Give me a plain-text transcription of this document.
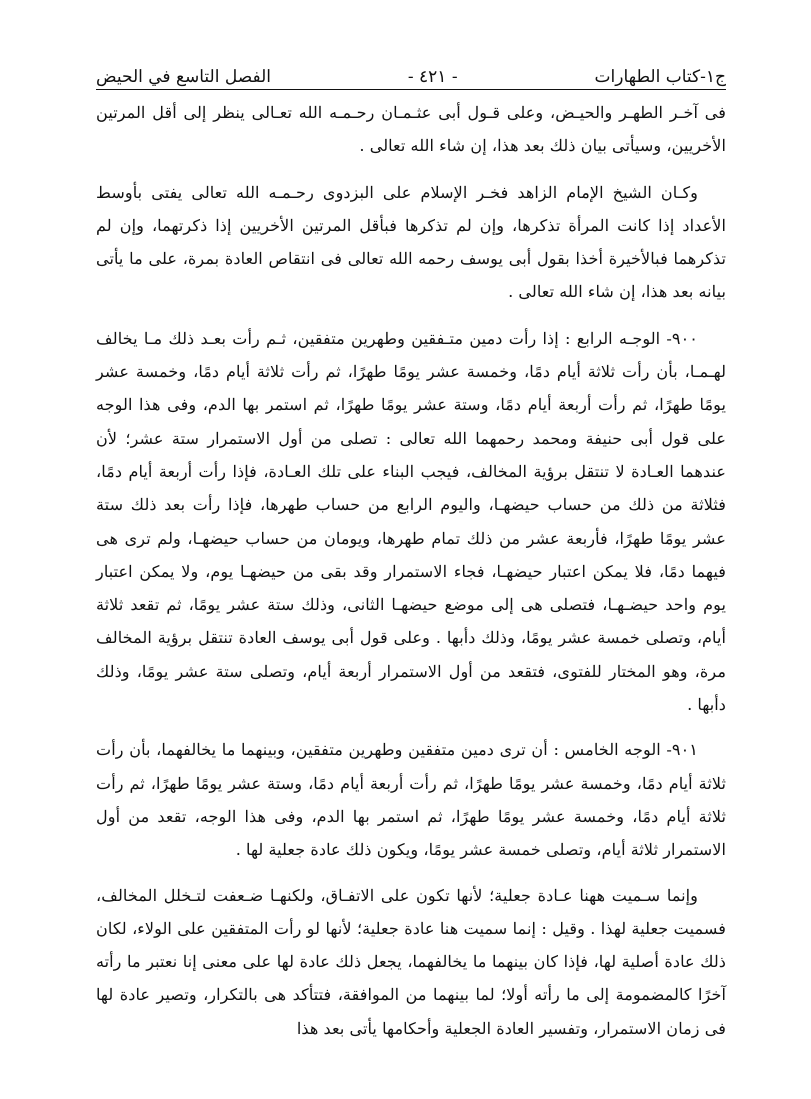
ج١-كتاب الطهارات
- ٤٢١ -
الفصل التاسع في الحيض

فى آخـر الطهـر والحيـض، وعلى قـول أبى عثـمـان رحـمـه الله تعـالى ينظر إلى أقل المرتين الأخريين، وسيأتى بيان ذلك بعد هذا، إن شاء الله تعالى .

وكـان الشيخ الإمام الزاهد فخـر الإسلام على البزدوى رحـمـه الله تعالى يفتى بأوسط الأعداد إذا كانت المرأة تذكرها، وإن لم تذكرها فبأقل المرتين الأخريين إذا ذكرتهما، وإن لم تذكرهما فبالأخيرة أخذا بقول أبى يوسف رحمه الله تعالى فى انتقاص العادة بمرة، على ما يأتى بيانه بعد هذا، إن شاء الله تعالى .

٩٠٠- الوجـه الرابع : إذا رأت دمين متـفقين وطهرين متفقين، ثـم رأت بعـد ذلك مـا يخالف لهـمـا، بأن رأت ثلاثة أيام دمًا، وخمسة عشر يومًا طهرًا، ثم رأت ثلاثة أيام دمًا، وخمسة عشر يومًا طهرًا، ثم رأت أربعة أيام دمًا، وستة عشر يومًا طهرًا، ثم استمر بها الدم، وفى هذا الوجه على قول أبى حنيفة ومحمد رحمهما الله تعالى : تصلى من أول الاستمرار ستة عشر؛ لأن عندهما العـادة لا تنتقل برؤية المخالف، فيجب البناء على تلك العـادة، فإذا رأت أربعة أيام دمًا، فثلاثة من ذلك من حساب حيضهـا، واليوم الرابع من حساب طهرها، فإذا رأت بعد ذلك ستة عشر يومًا طهرًا، فأربعة عشر من ذلك تمام طهرها، ويومان من حساب حيضهـا، ولم ترى هى فيهما دمًا، فلا يمكن اعتبار حيضهـا، فجاء الاستمرار وقد بقى من حيضهـا يوم، ولا يمكن اعتبار يوم واحد حيضـهـا، فتصلى هى إلى موضع حيضهـا الثانى، وذلك ستة عشر يومًا، ثم تقعد ثلاثة أيام، وتصلى خمسة عشر يومًا، وذلك دأبها . وعلى قول أبى يوسف العادة تنتقل برؤية المخالف مرة، وهو المختار للفتوى، فتقعد من أول الاستمرار أربعة أيام، وتصلى ستة عشر يومًا، وذلك دأبها .

٩٠١- الوجه الخامس : أن ترى دمين متفقين وطهرين متفقين، وبينهما ما يخالفهما، بأن رأت ثلاثة أيام دمًا، وخمسة عشر يومًا طهرًا، ثم رأت أربعة أيام دمًا، وستة عشر يومًا طهرًا، ثم رأت ثلاثة أيام دمًا، وخمسة عشر يومًا طهرًا، ثم استمر بها الدم، وفى هذا الوجه، تقعد من أول الاستمرار ثلاثة أيام، وتصلى خمسة عشر يومًا، ويكون ذلك عادة جعلية لها .

وإنما سـميت ههنا عـادة جعلية؛ لأنها تكون على الاتفـاق، ولكنهـا ضـعفت لتـخلل المخالف، فسميت جعلية لهذا . وقيل : إنما سميت هنا عادة جعلية؛ لأنها لو رأت المتفقين على الولاء، لكان ذلك عادة أصلية لها، فإذا كان بينهما ما يخالفهما، يجعل ذلك عادة لها على معنى إنا نعتبر ما رأته آخرًا كالمضمومة إلى ما رأته أولا؛ لما بينهما من الموافقة، فتتأكد هى بالتكرار، وتصير عادة لها فى زمان الاستمرار، وتفسير العادة الجعلية وأحكامها يأتى بعد هذا
